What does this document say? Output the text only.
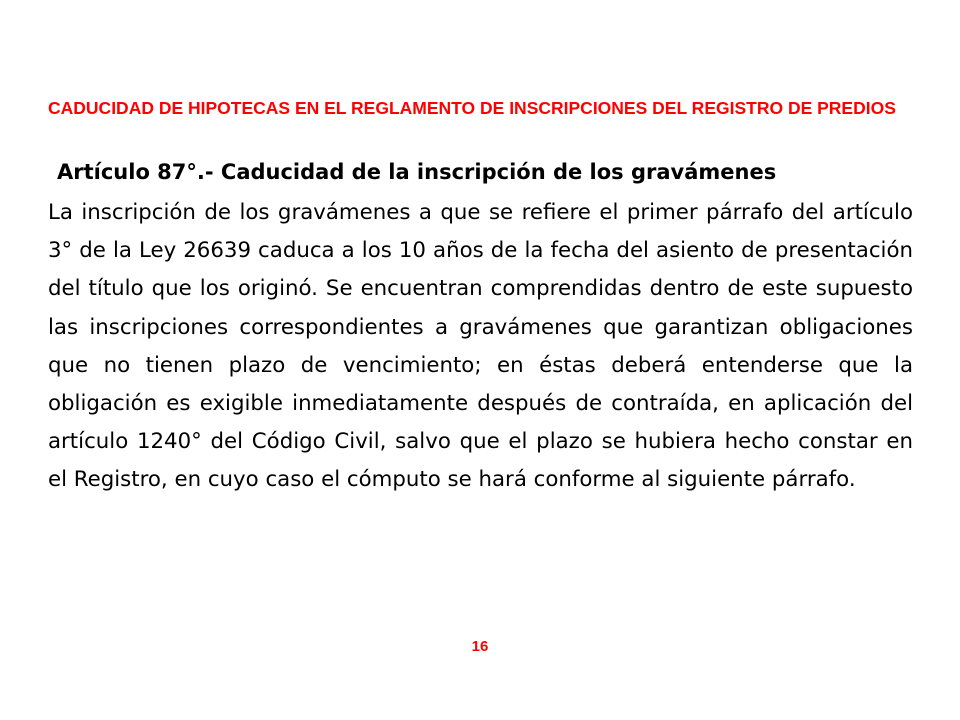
CADUCIDAD DE HIPOTECAS EN EL REGLAMENTO DE INSCRIPCIONES DEL REGISTRO DE PREDIOS
Artículo 87°.- Caducidad de la inscripción de los gravámenes
La inscripción de los gravámenes a que se refiere el primer párrafo del artículo 3° de la Ley 26639 caduca a los 10 años de la fecha del asiento de presentación del título que los originó. Se encuentran comprendidas dentro de este supuesto las inscripciones correspondientes a gravámenes que garantizan obligaciones que no tienen plazo de vencimiento; en éstas deberá entenderse que la obligación es exigible inmediatamente después de contraída, en aplicación del artículo 1240° del Código Civil, salvo que el plazo se hubiera hecho constar en el Registro, en cuyo caso el cómputo se hará conforme al siguiente párrafo.
16
